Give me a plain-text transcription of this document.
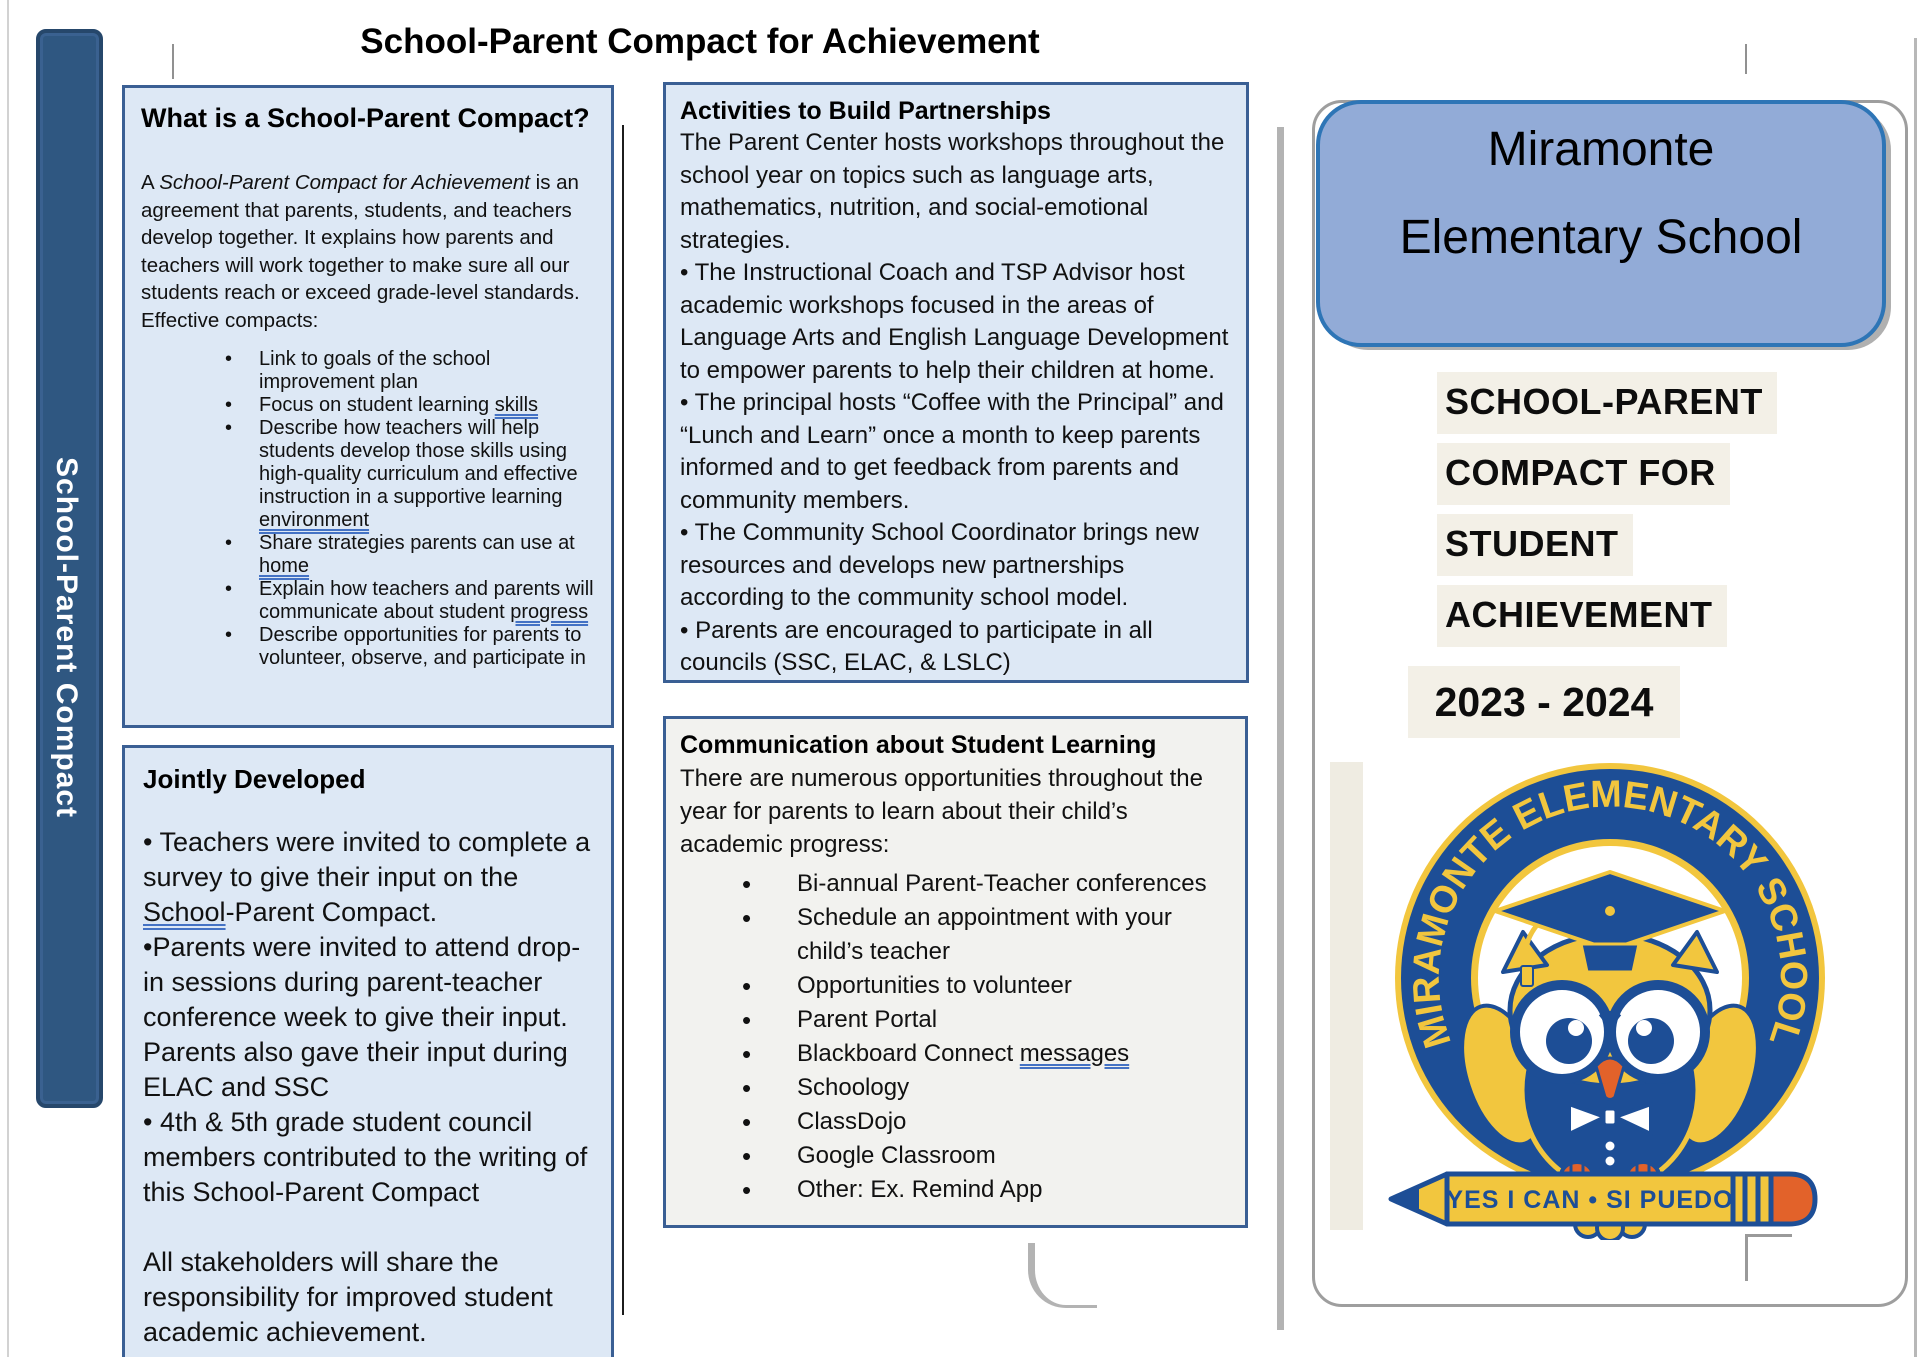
School-Parent Compact
School-Parent Compact for Achievement
What is a School-Parent Compact?
A School-Parent Compact for Achievement is an agreement that parents, students, and teachers develop together. It explains how parents and teachers will work together to make sure all our students reach or exceed grade-level standards.
Effective compacts:
• Link to goals of the school improvement plan
• Focus on student learning skills
• Describe how teachers will help students develop those skills using high-quality curriculum and effective instruction in a supportive learning environment
• Share strategies parents can use at home
• Explain how teachers and parents will communicate about student progress
• Describe opportunities for parents to volunteer, observe, and participate in
Jointly Developed

• Teachers were invited to complete a survey to give their input on the School-Parent Compact.

•Parents were invited to attend drop-in sessions during parent-teacher conference week to give their input. Parents also gave their input during ELAC and SSC

• 4th & 5th grade student council members contributed to the writing of this School-Parent Compact

All stakeholders will share the responsibility for improved student academic achievement.

Activities to Build Partnerships

The Parent Center hosts workshops throughout the school year on topics such as language arts, mathematics, nutrition, and social-emotional strategies.

• The Instructional Coach and TSP Advisor host academic workshops focused in the areas of Language Arts and English Language Development to empower parents to help their children at home.

• The principal hosts “Coffee with the Principal” and “Lunch and Learn” once a month to keep parents informed and to get feedback from parents and community members.

• The Community School Coordinator brings new resources and develops new partnerships according to the community school model.

• Parents are encouraged to participate in all councils (SSC, ELAC, & LSLC)

Communication about Student Learning
There are numerous opportunities throughout the year for parents to learn about their child’s academic progress:
• Bi-annual Parent-Teacher conferences
• Schedule an appointment with your child’s teacher
• Opportunities to volunteer
• Parent Portal
• Blackboard Connect messages
• Schoology
• ClassDojo
• Google Classroom
• Other: Ex. Remind App
Miramonte
Elementary School
SCHOOL-PARENT
COMPACT FOR
STUDENT
ACHIEVEMENT
2023 - 2024
MIRAMONTE ELEMENTARY SCHOOL
YES I CAN • SI PUEDO
